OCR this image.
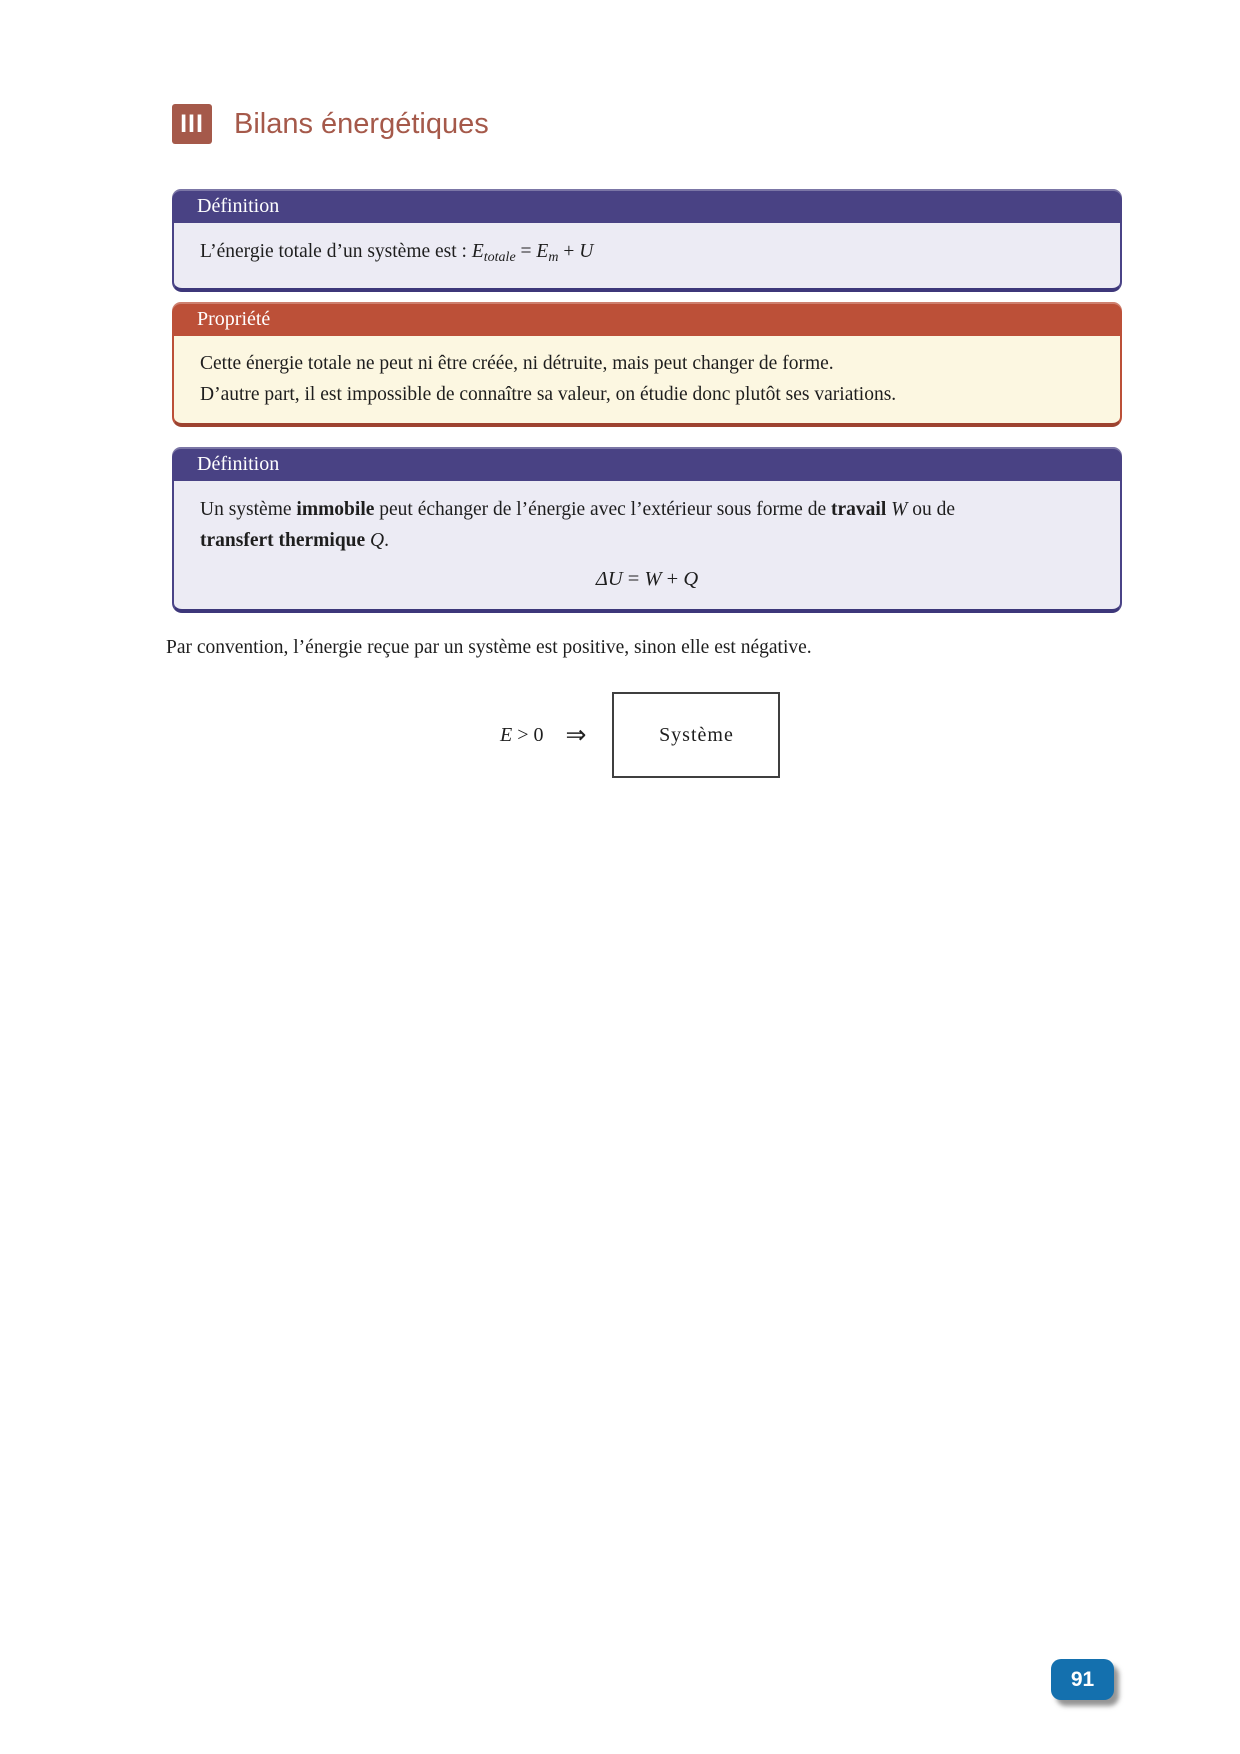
III Bilans énergétiques
Définition

L’énergie totale d’un système est : $E_{totale} = E_m + U$

Propriété

Cette énergie totale ne peut ni être créée, ni détruite, mais peut changer de forme.

D’autre part, il est impossible de connaître sa valeur, on étudie donc plutôt ses variations.

Définition

Un système immobile peut échanger de l’énergie avec l’extérieur sous forme de travail W ou de
transfert thermique Q.

ΔU = W + Q

Par convention, l’énergie reçue par un système est positive, sinon elle est négative.

E > 0 ⇒	Système
91
